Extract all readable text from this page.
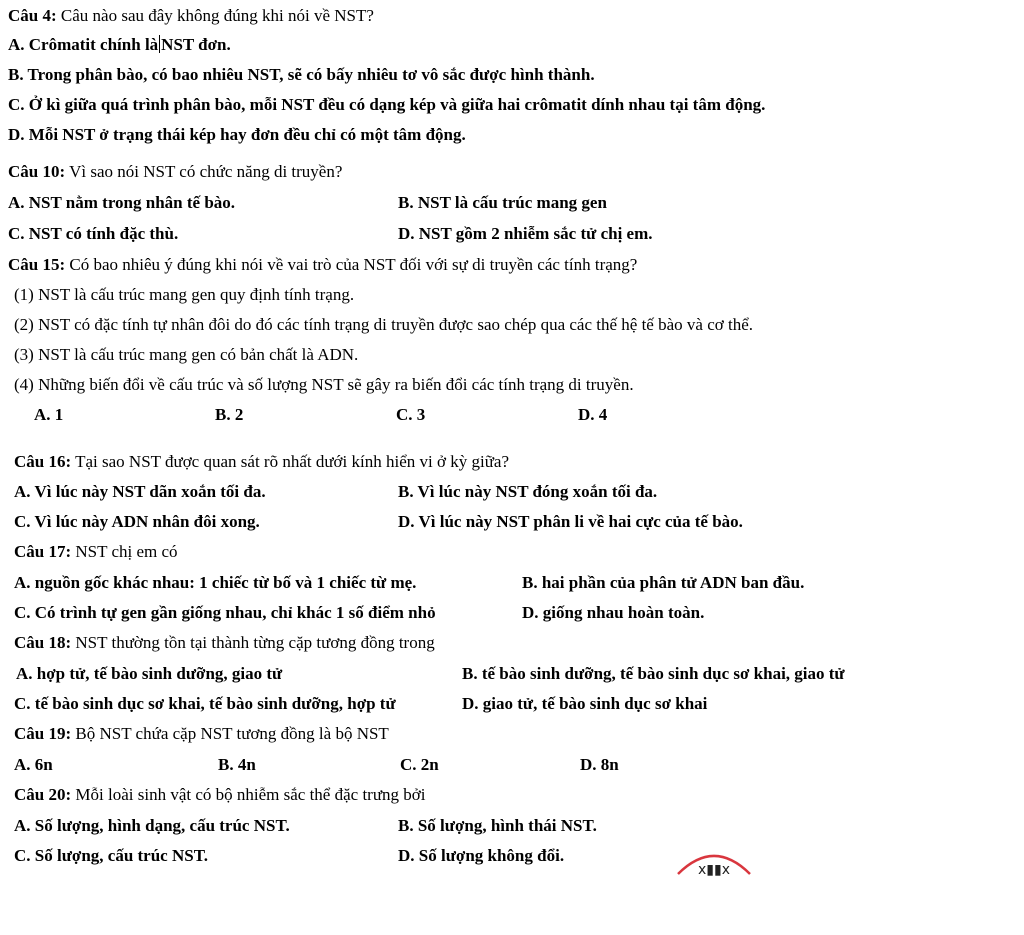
Câu 4: Câu nào sau đây không đúng khi nói về NST?
A. Crômatit chính là NST đơn.
B. Trong phân bào, có bao nhiêu NST, sẽ có bấy nhiêu tơ vô sắc được hình thành.
C. Ở kì giữa quá trình phân bào, mỗi NST đều có dạng kép và giữa hai crômatit dính nhau tại tâm động.
D. Mỗi NST ở trạng thái kép hay đơn đều chỉ có một tâm động.
Câu 10: Vì sao nói NST có chức năng di truyền?
A. NST nằm trong nhân tế bào.	B. NST là cấu trúc mang gen
C. NST có tính đặc thù.	D. NST gồm 2 nhiễm sắc tử chị em.
Câu 15: Có bao nhiêu ý đúng khi nói về vai trò của NST đối với sự di truyền các tính trạng?
(1) NST là cấu trúc mang gen quy định tính trạng.
(2) NST có đặc tính tự nhân đôi do đó các tính trạng di truyền được sao chép qua các thế hệ tế bào và cơ thể.
(3) NST là cấu trúc mang gen có bản chất là ADN.
(4) Những biến đổi về cấu trúc và số lượng NST sẽ gây ra biến đổi các tính trạng di truyền.
A. 1	B. 2	C. 3	D. 4
Câu 16: Tại sao NST được quan sát rõ nhất dưới kính hiển vi ở kỳ giữa?
A. Vì lúc này NST dãn xoắn tối đa.	B. Vì lúc này NST đóng xoắn tối đa.
C. Vì lúc này ADN nhân đôi xong.	D. Vì lúc này NST phân li về hai cực của tế bào.
Câu 17: NST chị em có
A. nguồn gốc khác nhau: 1 chiếc từ bố và 1 chiếc từ mẹ.	B. hai phần của phân tử ADN ban đầu.
C. Có trình tự gen gần giống nhau, chỉ khác 1 số điểm nhỏ	D. giống nhau hoàn toàn.
Câu 18: NST thường tồn tại thành từng cặp tương đồng trong
A. hợp tử, tế bào sinh dưỡng, giao tử	B. tế bào sinh dưỡng, tế bào sinh dục sơ khai, giao tử
C. tế bào sinh dục sơ khai, tế bào sinh dưỡng, hợp tử	D. giao tử, tế bào sinh dục sơ khai
Câu 19: Bộ NST chứa cặp NST tương đồng là bộ NST
A. 6n	B. 4n	C. 2n	D. 8n
Câu 20: Mỗi loài sinh vật có bộ nhiễm sắc thể đặc trưng bởi
A. Số lượng, hình dạng, cấu trúc NST.	B. Số lượng, hình thái NST.
C. Số lượng, cấu trúc NST.	D. Số lượng không đổi.
x▮▮x
